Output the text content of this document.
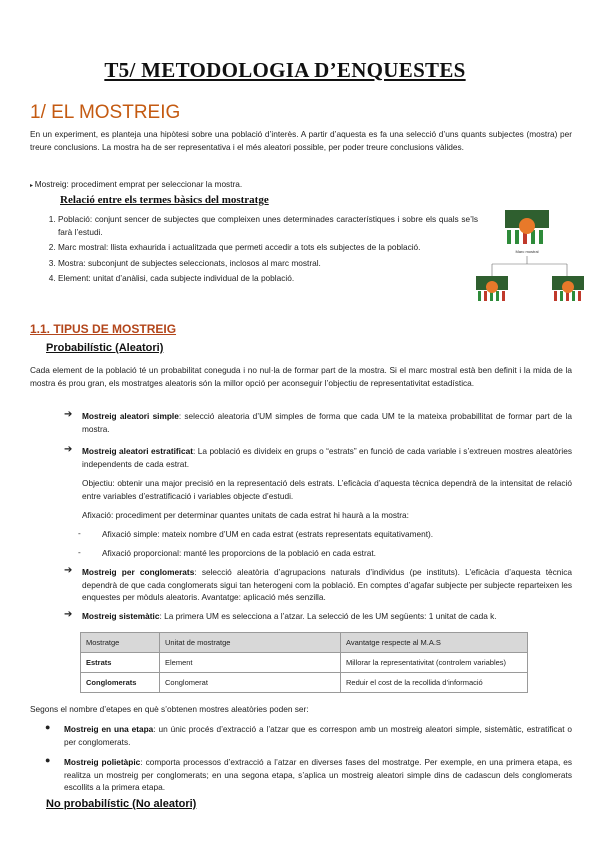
T5/ METODOLOGIA D’ENQUESTES
1/ EL MOSTREIG
En un experiment, es planteja una hipòtesi sobre una població d’interès. A partir d’aquesta es fa una selecció d’uns quants subjectes (mostra) per treure conclusions. La mostra ha de ser representativa i el més aleatori possible, per poder treure conclusions vàlides.
▸ Mostreig: procediment emprat per seleccionar la mostra.
Relació entre els termes bàsics del mostratge
1. Població: conjunt sencer de subjectes que compleixen unes determinades característiques i sobre els quals se’ls farà l’estudi.
2. Marc mostral: llista exhaurida i actualitzada que permeti accedir a tots els subjectes de la població.
3. Mostra: subconjunt de subjectes seleccionats, inclosos al marc mostral.
4. Element: unitat d’anàlisi, cada subjecte individual de la població.
Marc mostral
1.1. TIPUS DE MOSTREIG
Probabilístic (Aleatori)
Cada element de la població té un probabilitat coneguda i no nul·la de formar part de la mostra. Si el marc mostral està ben definit i la mida de la mostra és prou gran, els mostratges aleatoris són la millor opció per aconseguir l’objectiu de representativitat estadística.
➔ Mostreig aleatori simple: selecció aleatoria d’UM simples de forma que cada UM te la mateixa probabillitat de formar part de la mostra.
➔ Mostreig aleatori estratificat: La població es divideix en grups o “estrats” en funció de cada variable i s’extreuen mostres aleatòries independents de cada estrat.
Objectiu: obtenir una major precisió en la representació dels estrats. L’eficàcia d’aquesta tècnica dependrà de la intensitat de relació entre variables d’estratificació i variables objecte d’estudi.
Afixació: procediment per determinar quantes unitats de cada estrat hi haurà a la mostra:
-	Afixació simple: mateix nombre d’UM en cada estrat (estrats representats equitativament).
-	Afixació proporcional: manté les proporcions de la població en cada estrat.
➔ Mostreig per conglomerats: selecció aleatòria d’agrupacions naturals d’individus (pe instituts). L’eficàcia d’aquesta tècnica dependrà de que cada conglomerats sigui tan heterogeni com la població. En comptes d’agafar subjecte per subjecte reparteixen les enquestes per mòduls aleatoris. Avantatge: aplicació més senzilla.
➔ Mostreig sistemàtic: La primera UM es selecciona a l’atzar. La selecció de les UM següents: 1 unitat de cada k.
Mostratge	Unitat de mostratge	Avantatge respecte al M.A.S
Estrats	Element	Millorar la representativitat (controlem variables)
Conglomerats	Conglomerat	Reduir el cost de la recollida d’informació
Segons el nombre d’etapes en què s’obtenen mostres aleatòries poden ser:
● Mostreig en una etapa: un únic procés d’extracció a l’atzar que es correspon amb un mostreig aleatori simple, sistemàtic, estratificat o per conglomerats.
● Mostreig polietàpic: comporta processos d’extracció a l’atzar en diverses fases del mostratge. Per exemple, en una primera etapa, es realitza un mostreig per conglomerats; en una segona etapa, s’aplica un mostreig aleatori simple dins de cadascun dels conglomerats escollits a la primera etapa.
No probabilístic (No aleatori)
